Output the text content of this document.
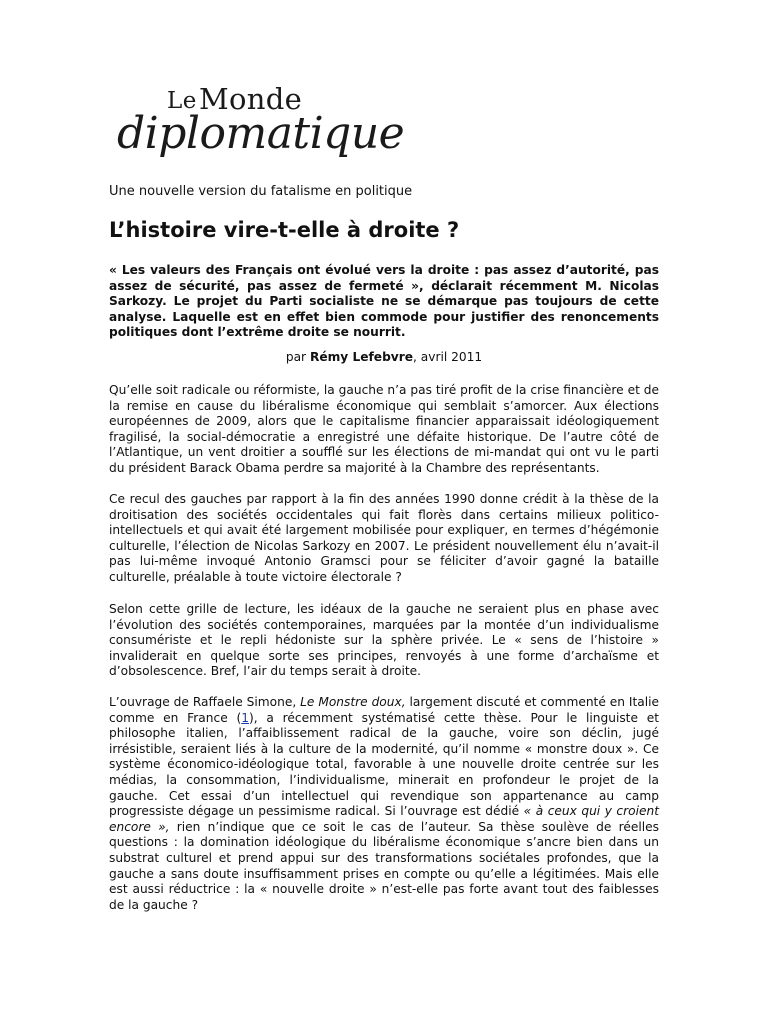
Le Monde
diplomatique
Une nouvelle version du fatalisme en politique
L’histoire vire-t-elle à droite ?

« Les valeurs des Français ont évolué vers la droite : pas assez d’autorité, pas assez de sécurité, pas assez de fermeté », déclarait récemment M. Nicolas Sarkozy. Le projet du Parti socialiste ne se démarque pas toujours de cette analyse. Laquelle est en effet bien commode pour justifier des renoncements politiques dont l’extrême droite se nourrit.

par Rémy Lefebvre, avril 2011

Qu’elle soit radicale ou réformiste, la gauche n’a pas tiré profit de la crise financière et de la remise en cause du libéralisme économique qui semblait s’amorcer. Aux élections européennes de 2009, alors que le capitalisme financier apparaissait idéologiquement fragilisé, la social-démocratie a enregistré une défaite historique. De l’autre côté de l’Atlantique, un vent droitier a soufflé sur les élections de mi-mandat qui ont vu le parti du président Barack Obama perdre sa majorité à la Chambre des représentants.

Ce recul des gauches par rapport à la fin des années 1990 donne crédit à la thèse de la droitisation des sociétés occidentales qui fait florès dans certains milieux politico-intellectuels et qui avait été largement mobilisée pour expliquer, en termes d’hégémonie culturelle, l’élection de Nicolas Sarkozy en 2007. Le président nouvellement élu n’avait-il pas lui-même invoqué Antonio Gramsci pour se féliciter d’avoir gagné la bataille culturelle, préalable à toute victoire électorale ?

Selon cette grille de lecture, les idéaux de la gauche ne seraient plus en phase avec l’évolution des sociétés contemporaines, marquées par la montée d’un individualisme consumériste et le repli hédoniste sur la sphère privée. Le « sens de l’histoire » invaliderait en quelque sorte ses principes, renvoyés à une forme d’archaïsme et d’obsolescence. Bref, l’air du temps serait à droite.

L’ouvrage de Raffaele Simone, Le Monstre doux, largement discuté et commenté en Italie comme en France (1), a récemment systématisé cette thèse. Pour le linguiste et philosophe italien, l’affaiblissement radical de la gauche, voire son déclin, jugé irrésistible, seraient liés à la culture de la modernité, qu’il nomme « monstre doux ». Ce système économico-idéologique total, favorable à une nouvelle droite centrée sur les médias, la consommation, l’individualisme, minerait en profondeur le projet de la gauche. Cet essai d’un intellectuel qui revendique son appartenance au camp progressiste dégage un pessimisme radical. Si l’ouvrage est dédié « à ceux qui y croient encore », rien n’indique que ce soit le cas de l’auteur. Sa thèse soulève de réelles questions : la domination idéologique du libéralisme économique s’ancre bien dans un substrat culturel et prend appui sur des transformations sociétales profondes, que la gauche a sans doute insuffisamment prises en compte ou qu’elle a légitimées. Mais elle est aussi réductrice : la « nouvelle droite » n’est-elle pas forte avant tout des faiblesses de la gauche ?
